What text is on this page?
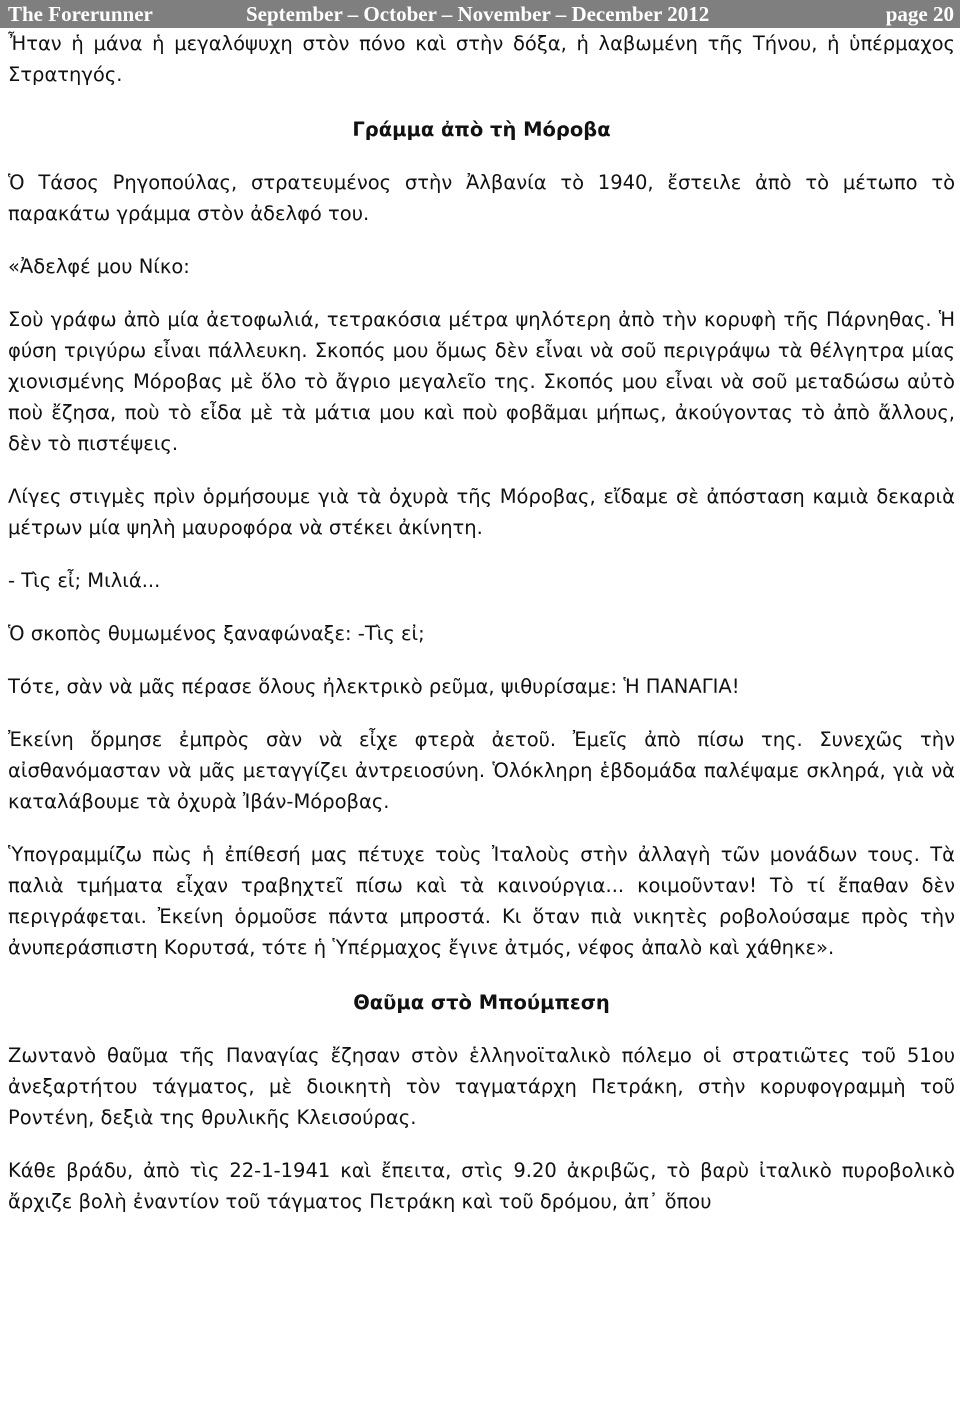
The Forerunner	September – October – November – December 2012	page 20

Ἦταν ἡ μάνα ἡ μεγαλόψυχη στὸν πόνο καὶ στὴν δόξα, ἡ λαβωμένη τῆς Τήνου, ἡ ὑπέρμαχος Στρατηγός.

Γράμμα ἀπὸ τὴ Μόροβα

Ὁ Τάσος Ρηγοπούλας, στρατευμένος στὴν Ἀλβανία τὸ 1940, ἔστειλε ἀπὸ τὸ μέτωπο τὸ παρακάτω γράμμα στὸν ἀδελφό του.

«Ἀδελφέ μου Νίκο:

Σοὺ γράφω ἀπὸ μία ἀετοφωλιά, τετρακόσια μέτρα ψηλότερη ἀπὸ τὴν κορυφὴ τῆς Πάρνηθας. Ἡ φύση τριγύρω εἶναι πάλλευκη. Σκοπός μου ὅμως δὲν εἶναι νὰ σοῦ περιγράψω τὰ θέλγητρα μίας χιονισμένης Μόροβας μὲ ὅλο τὸ ἄγριο μεγαλεῖο της. Σκοπός μου εἶναι νὰ σοῦ μεταδώσω αὐτὸ ποὺ ἔζησα, ποὺ τὸ εἶδα μὲ τὰ μάτια μου καὶ ποὺ φοβᾶμαι μήπως, ἀκούγοντας τὸ ἀπὸ ἄλλους, δὲν τὸ πιστέψεις.

Λίγες στιγμὲς πρὶν ὁρμήσουμε γιὰ τὰ ὀχυρὰ τῆς Μόροβας, εἴδαμε σὲ ἀπόσταση καμιὰ δεκαριὰ μέτρων μία ψηλὴ μαυροφόρα νὰ στέκει ἀκίνητη.

- Τὶς εἶ; Μιλιά...

Ὁ σκοπὸς θυμωμένος ξαναφώναξε: -Τὶς εἰ;

Τότε, σὰν νὰ μᾶς πέρασε ὅλους ἠλεκτρικὸ ρεῦμα, ψιθυρίσαμε: Ἡ ΠΑΝΑΓΙΑ!

Ἐκείνη ὅρμησε ἐμπρὸς σὰν νὰ εἶχε φτερὰ ἀετοῦ. Ἐμεῖς ἀπὸ πίσω της. Συνεχῶς τὴν αἰσθανόμασταν νὰ μᾶς μεταγγίζει ἀντρειοσύνη. Ὁλόκληρη ἑβδομάδα παλέψαμε σκληρά, γιὰ νὰ καταλάβουμε τὰ ὀχυρὰ Ἰβάν-Μόροβας.

Ὑπογραμμίζω πὼς ἡ ἐπίθεσή μας πέτυχε τοὺς Ἰταλοὺς στὴν ἀλλαγὴ τῶν μονάδων τους. Τὰ παλιὰ τμήματα εἶχαν τραβηχτεῖ πίσω καὶ τὰ καινούργια... κοιμοῦνταν! Τὸ τί ἔπαθαν δὲν περιγράφεται. Ἐκείνη ὁρμοῦσε πάντα μπροστά. Κι ὅταν πιὰ νικητὲς ροβολούσαμε πρὸς τὴν ἀνυπεράσπιστη Κορυτσά, τότε ἡ Ὑπέρμαχος ἔγινε ἀτμός, νέφος ἀπαλὸ καὶ χάθηκε».

Θαῦμα στὸ Μπούμπεση

Ζωντανὸ θαῦμα τῆς Παναγίας ἔζησαν στὸν ἑλληνοϊταλικὸ πόλεμο οἱ στρατιῶτες τοῦ 51ου ἀνεξαρτήτου τάγματος, μὲ διοικητὴ τὸν ταγματάρχη Πετράκη, στὴν κορυφογραμμὴ τοῦ Ροντένη, δεξιὰ της θρυλικῆς Κλεισούρας.

Κάθε βράδυ, ἀπὸ τὶς 22-1-1941 καὶ ἔπειτα, στὶς 9.20 ἀκριβῶς, τὸ βαρὺ ἰταλικὸ πυροβολικὸ ἄρχιζε βολὴ ἐναντίον τοῦ τάγματος Πετράκη καὶ τοῦ δρόμου, ἀπ᾽ ὅπου
